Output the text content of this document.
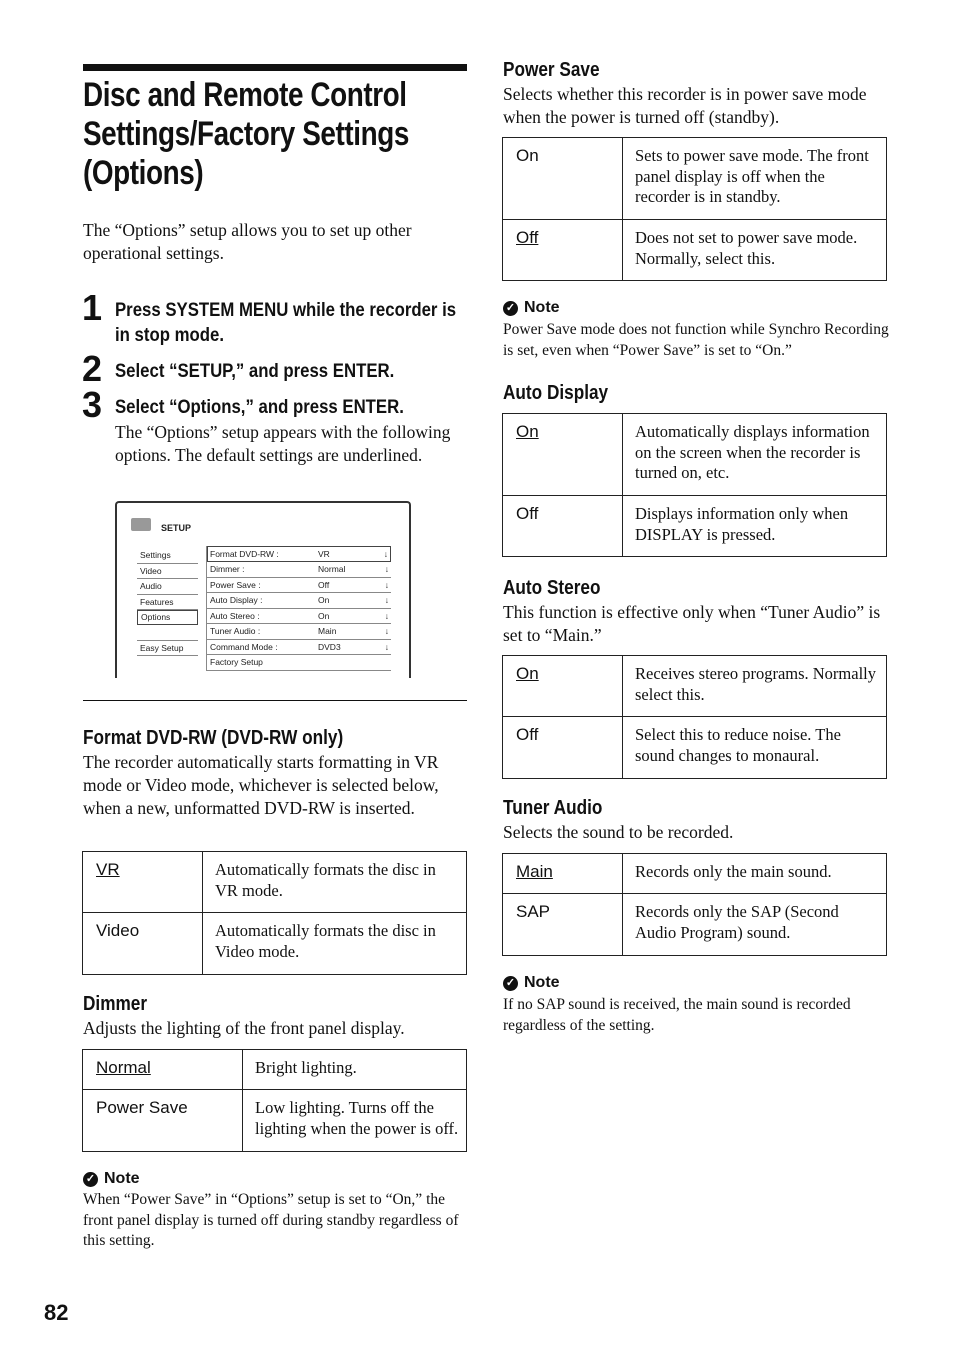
Disc and Remote Control Settings/Factory Settings (Options)
The “Options” setup allows you to set up other operational settings.
1 Press SYSTEM MENU while the recorder is in stop mode.
2 Select “SETUP,” and press ENTER.
3 Select “Options,” and press ENTER.
The “Options” setup appears with the following options. The default settings are underlined.
SETUP
Settings
Video
Audio
Features
Options
Easy Setup
Format DVD-RW :	VR	↓
Dimmer :	Normal	↓
Power Save :	Off	↓
Auto Display :	On	↓
Auto Stereo :	On	↓
Tuner Audio :	Main	↓
Command Mode :	DVD3	↓
Factory Setup
Format DVD-RW (DVD-RW only)
The recorder automatically starts formatting in VR mode or Video mode, whichever is selected below, when a new, unformatted DVD-RW is inserted.
VR	Automatically formats the disc in VR mode.
Video	Automatically formats the disc in Video mode.
Dimmer
Adjusts the lighting of the front panel display.
Normal	Bright lighting.
Power Save	Low lighting. Turns off the lighting when the power is off.
✓ Note
When “Power Save” in “Options” setup is set to “On,” the front panel display is turned off during standby regardless of this setting.
82
Power Save
Selects whether this recorder is in power save mode when the power is turned off (standby).
On	Sets to power save mode. The front panel display is off when the recorder is in standby.
Off	Does not set to power save mode. Normally, select this.
✓ Note
Power Save mode does not function while Synchro Recording is set, even when “Power Save” is set to “On.”
Auto Display
On	Automatically displays information on the screen when the recorder is turned on, etc.
Off	Displays information only when DISPLAY is pressed.
Auto Stereo
This function is effective only when “Tuner Audio” is set to “Main.”
On	Receives stereo programs. Normally select this.
Off	Select this to reduce noise. The sound changes to monaural.
Tuner Audio
Selects the sound to be recorded.
Main	Records only the main sound.
SAP	Records only the SAP (Second Audio Program) sound.
✓ Note
If no SAP sound is received, the main sound is recorded regardless of the setting.
